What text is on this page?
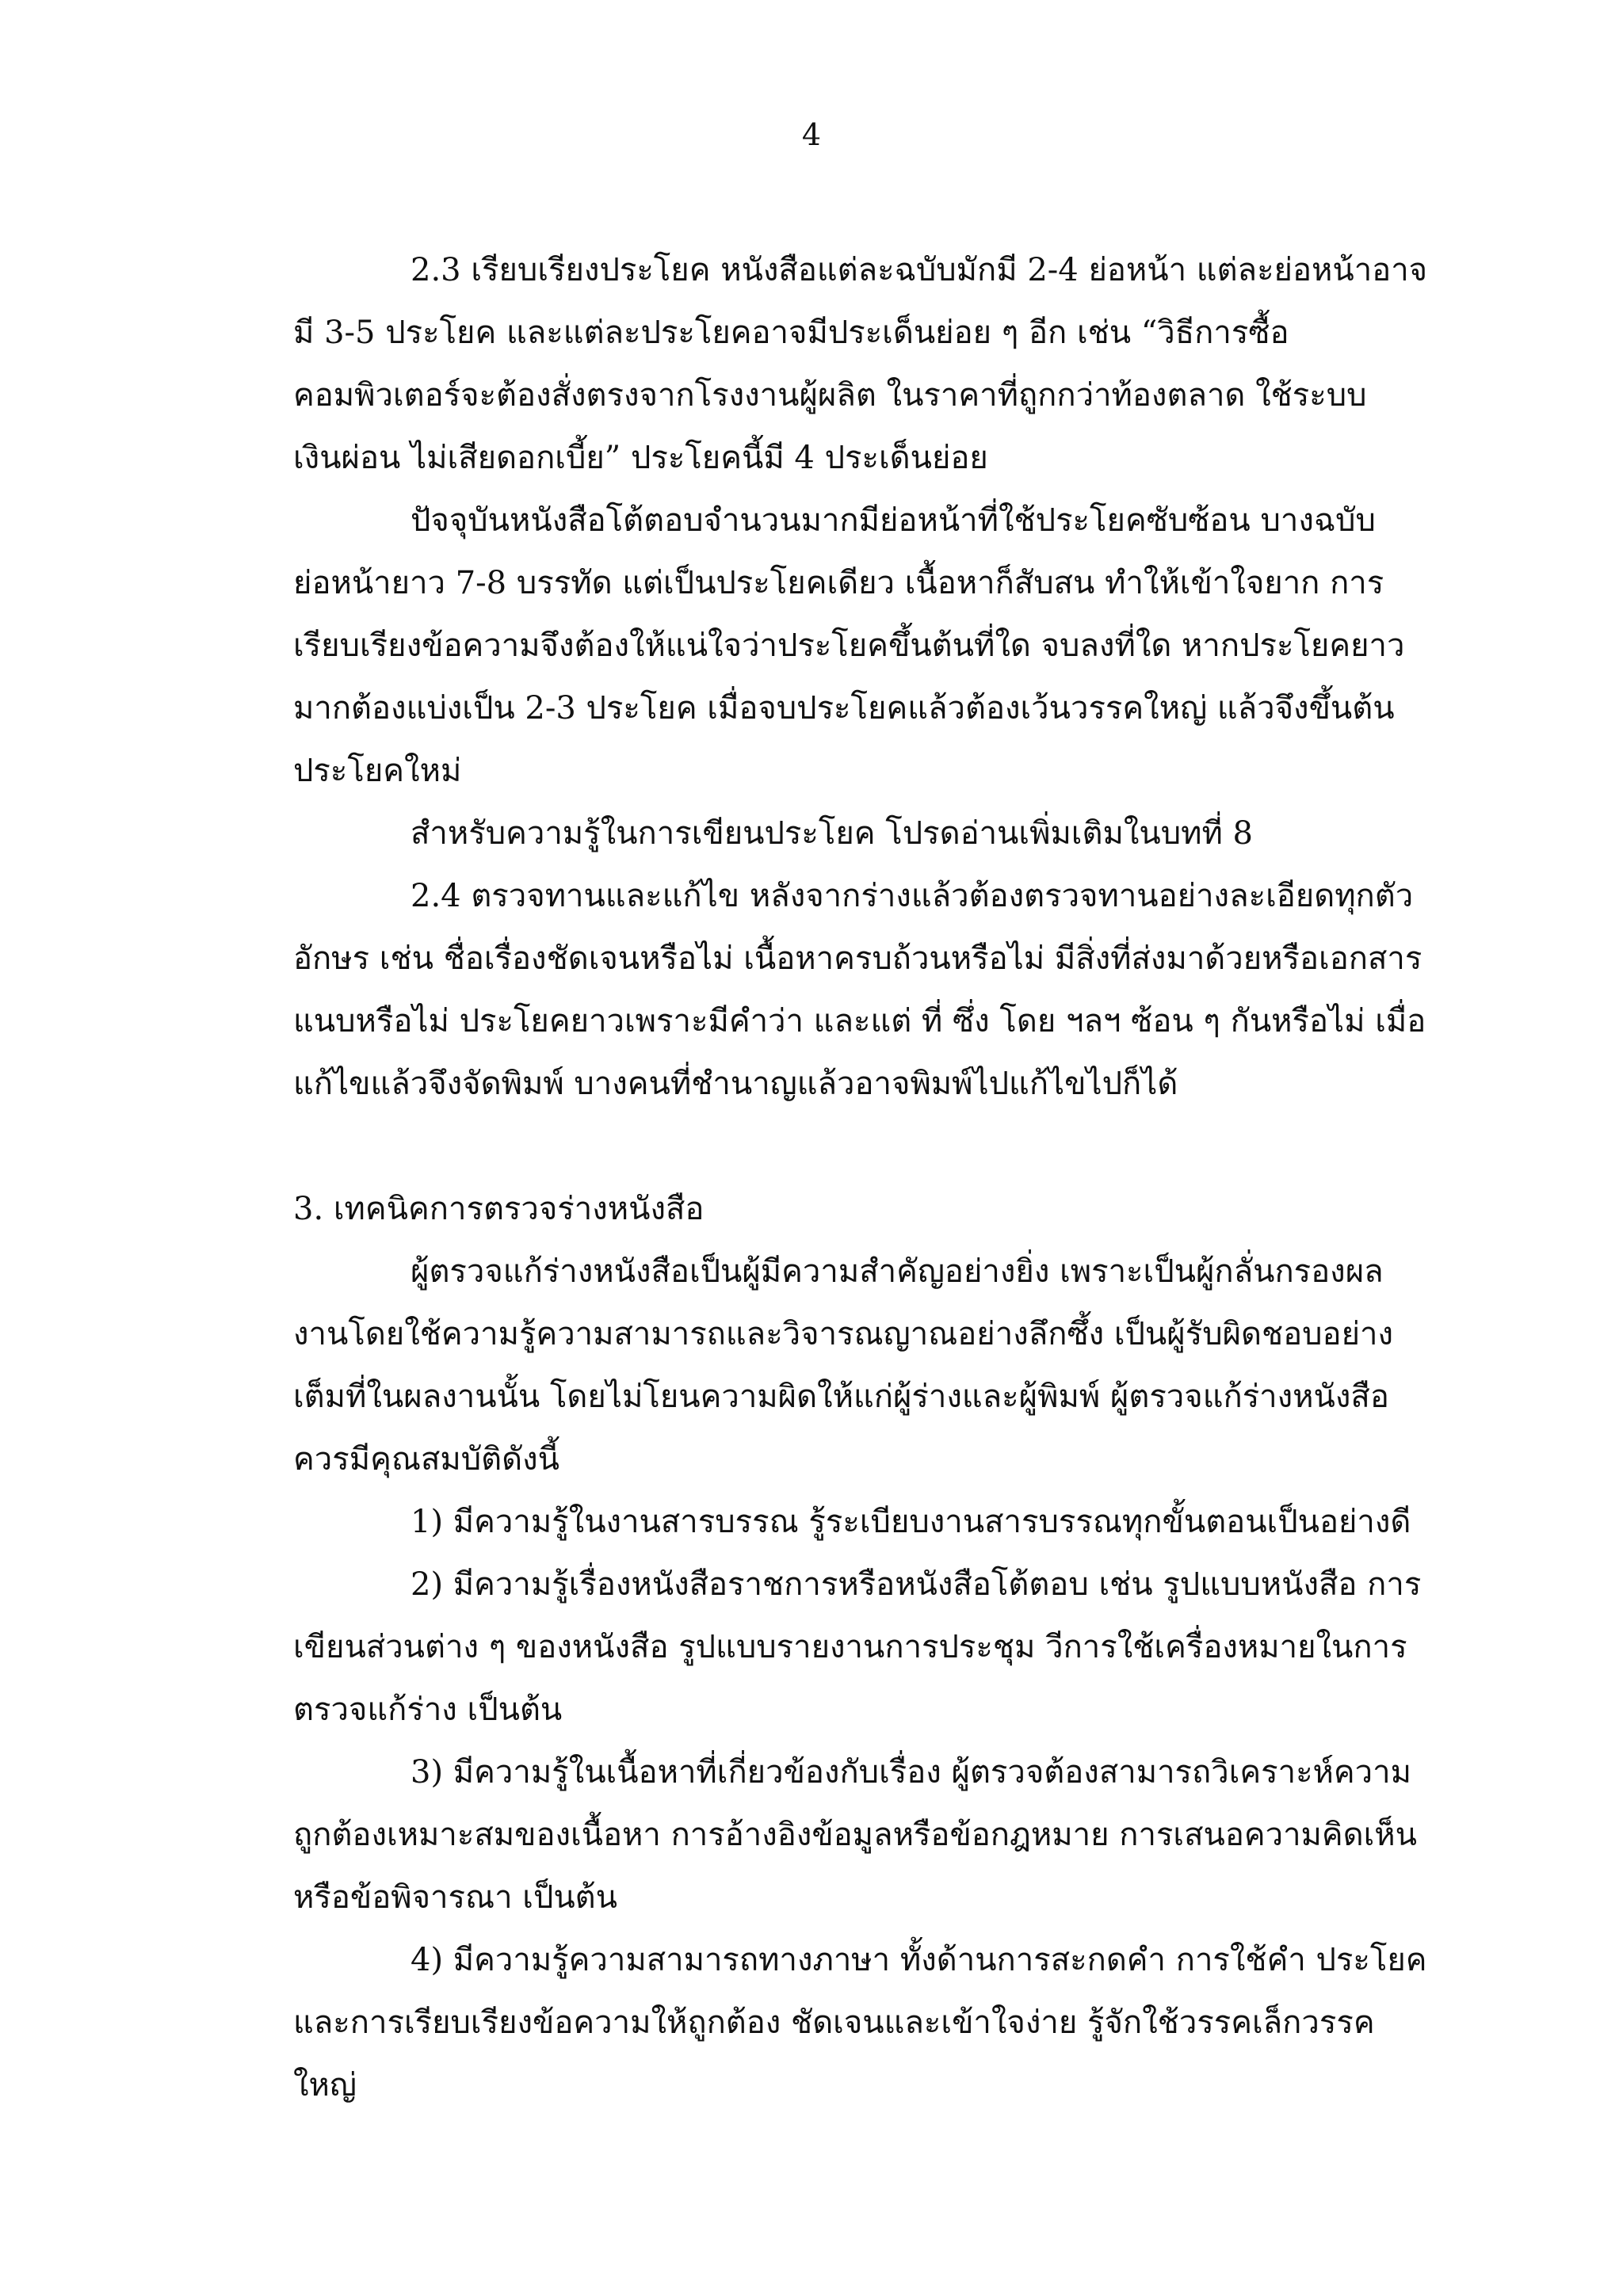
4

2.3 เรียบเรียงประโยค หนังสือแต่ละฉบับมักมี 2-4 ย่อหน้า แต่ละย่อหน้าอาจมี 3-5 ประโยค และแต่ละประโยคอาจมีประเด็นย่อย ๆ อีก เช่น “วิธีการซื้อคอมพิวเตอร์จะต้องสั่งตรงจากโรงงานผู้ผลิต ในราคาที่ถูกกว่าท้องตลาด ใช้ระบบเงินผ่อน ไม่เสียดอกเบี้ย” ประโยคนี้มี 4 ประเด็นย่อย

ปัจจุบันหนังสือโต้ตอบจำนวนมากมีย่อหน้าที่ใช้ประโยคซับซ้อน บางฉบับย่อหน้ายาว 7-8 บรรทัด แต่เป็นประโยคเดียว เนื้อหาก็สับสน ทำให้เข้าใจยาก การเรียบเรียงข้อความจึงต้องให้แน่ใจว่าประโยคขึ้นต้นที่ใด จบลงที่ใด หากประโยคยาวมากต้องแบ่งเป็น 2-3 ประโยค เมื่อจบประโยคแล้วต้องเว้นวรรคใหญ่ แล้วจึงขึ้นต้นประโยคใหม่

สำหรับความรู้ในการเขียนประโยค โปรดอ่านเพิ่มเติมในบทที่ 8

2.4 ตรวจทานและแก้ไข หลังจากร่างแล้วต้องตรวจทานอย่างละเอียดทุกตัวอักษร เช่น ชื่อเรื่องชัดเจนหรือไม่ เนื้อหาครบถ้วนหรือไม่ มีสิ่งที่ส่งมาด้วยหรือเอกสารแนบหรือไม่ ประโยคยาวเพราะมีคำว่า และแต่ ที่ ซึ่ง โดย ฯลฯ ซ้อน ๆ กันหรือไม่ เมื่อแก้ไขแล้วจึงจัดพิมพ์ บางคนที่ชำนาญแล้วอาจพิมพ์ไปแก้ไขไปก็ได้

3. เทคนิคการตรวจร่างหนังสือ

ผู้ตรวจแก้ร่างหนังสือเป็นผู้มีความสำคัญอย่างยิ่ง เพราะเป็นผู้กลั่นกรองผลงานโดยใช้ความรู้ความสามารถและวิจารณญาณอย่างลึกซึ้ง เป็นผู้รับผิดชอบอย่างเต็มที่ในผลงานนั้น โดยไม่โยนความผิดให้แก่ผู้ร่างและผู้พิมพ์ ผู้ตรวจแก้ร่างหนังสือควรมีคุณสมบัติดังนี้

1) มีความรู้ในงานสารบรรณ รู้ระเบียบงานสารบรรณทุกขั้นตอนเป็นอย่างดี

2) มีความรู้เรื่องหนังสือราชการหรือหนังสือโต้ตอบ เช่น รูปแบบหนังสือ การเขียนส่วนต่าง ๆ ของหนังสือ รูปแบบรายงานการประชุม วีการใช้เครื่องหมายในการตรวจแก้ร่าง เป็นต้น

3) มีความรู้ในเนื้อหาที่เกี่ยวข้องกับเรื่อง ผู้ตรวจต้องสามารถวิเคราะห์ความถูกต้องเหมาะสมของเนื้อหา การอ้างอิงข้อมูลหรือข้อกฎหมาย การเสนอความคิดเห็นหรือข้อพิจารณา เป็นต้น

4) มีความรู้ความสามารถทางภาษา ทั้งด้านการสะกดคำ การใช้คำ ประโยค และการเรียบเรียงข้อความให้ถูกต้อง ชัดเจนและเข้าใจง่าย รู้จักใช้วรรคเล็กวรรคใหญ่
